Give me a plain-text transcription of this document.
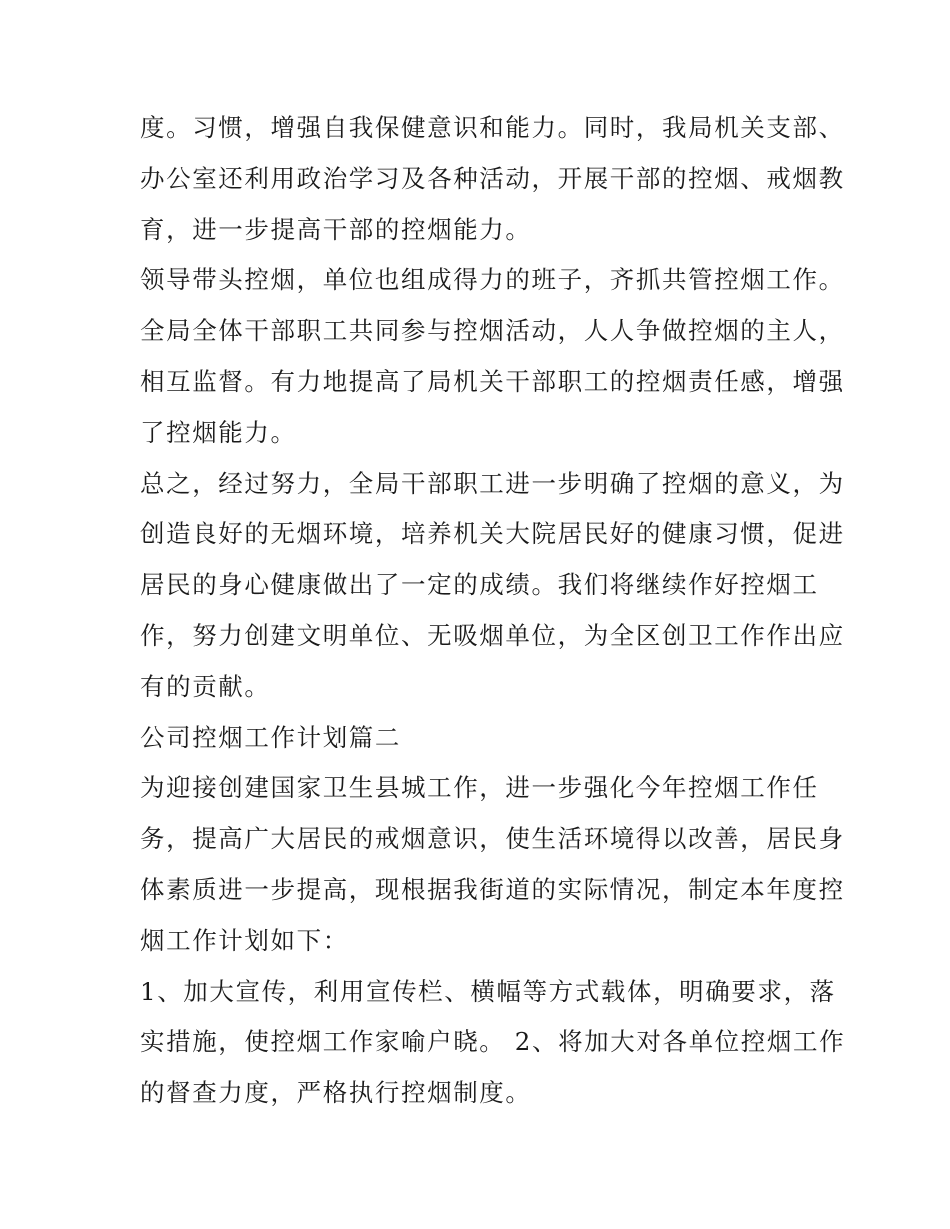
度。习惯，增强自我保健意识和能力。同时，我局机关支部、
办公室还利用政治学习及各种活动，开展干部的控烟、戒烟教
育，进一步提高干部的控烟能力。
领导带头控烟，单位也组成得力的班子，齐抓共管控烟工作。
全局全体干部职工共同参与控烟活动，人人争做控烟的主人，
相互监督。有力地提高了局机关干部职工的控烟责任感，增强
了控烟能力。
总之，经过努力，全局干部职工进一步明确了控烟的意义，为
创造良好的无烟环境，培养机关大院居民好的健康习惯，促进
居民的身心健康做出了一定的成绩。我们将继续作好控烟工
作，努力创建文明单位、无吸烟单位，为全区创卫工作作出应
有的贡献。
公司控烟工作计划篇二
为迎接创建国家卫生县城工作，进一步强化今年控烟工作任
务，提高广大居民的戒烟意识，使生活环境得以改善，居民身
体素质进一步提高，现根据我街道的实际情况，制定本年度控
烟工作计划如下：
1、加大宣传，利用宣传栏、横幅等方式载体，明确要求，落
实措施，使控烟工作家喻户晓。 2、将加大对各单位控烟工作
的督查力度，严格执行控烟制度。
